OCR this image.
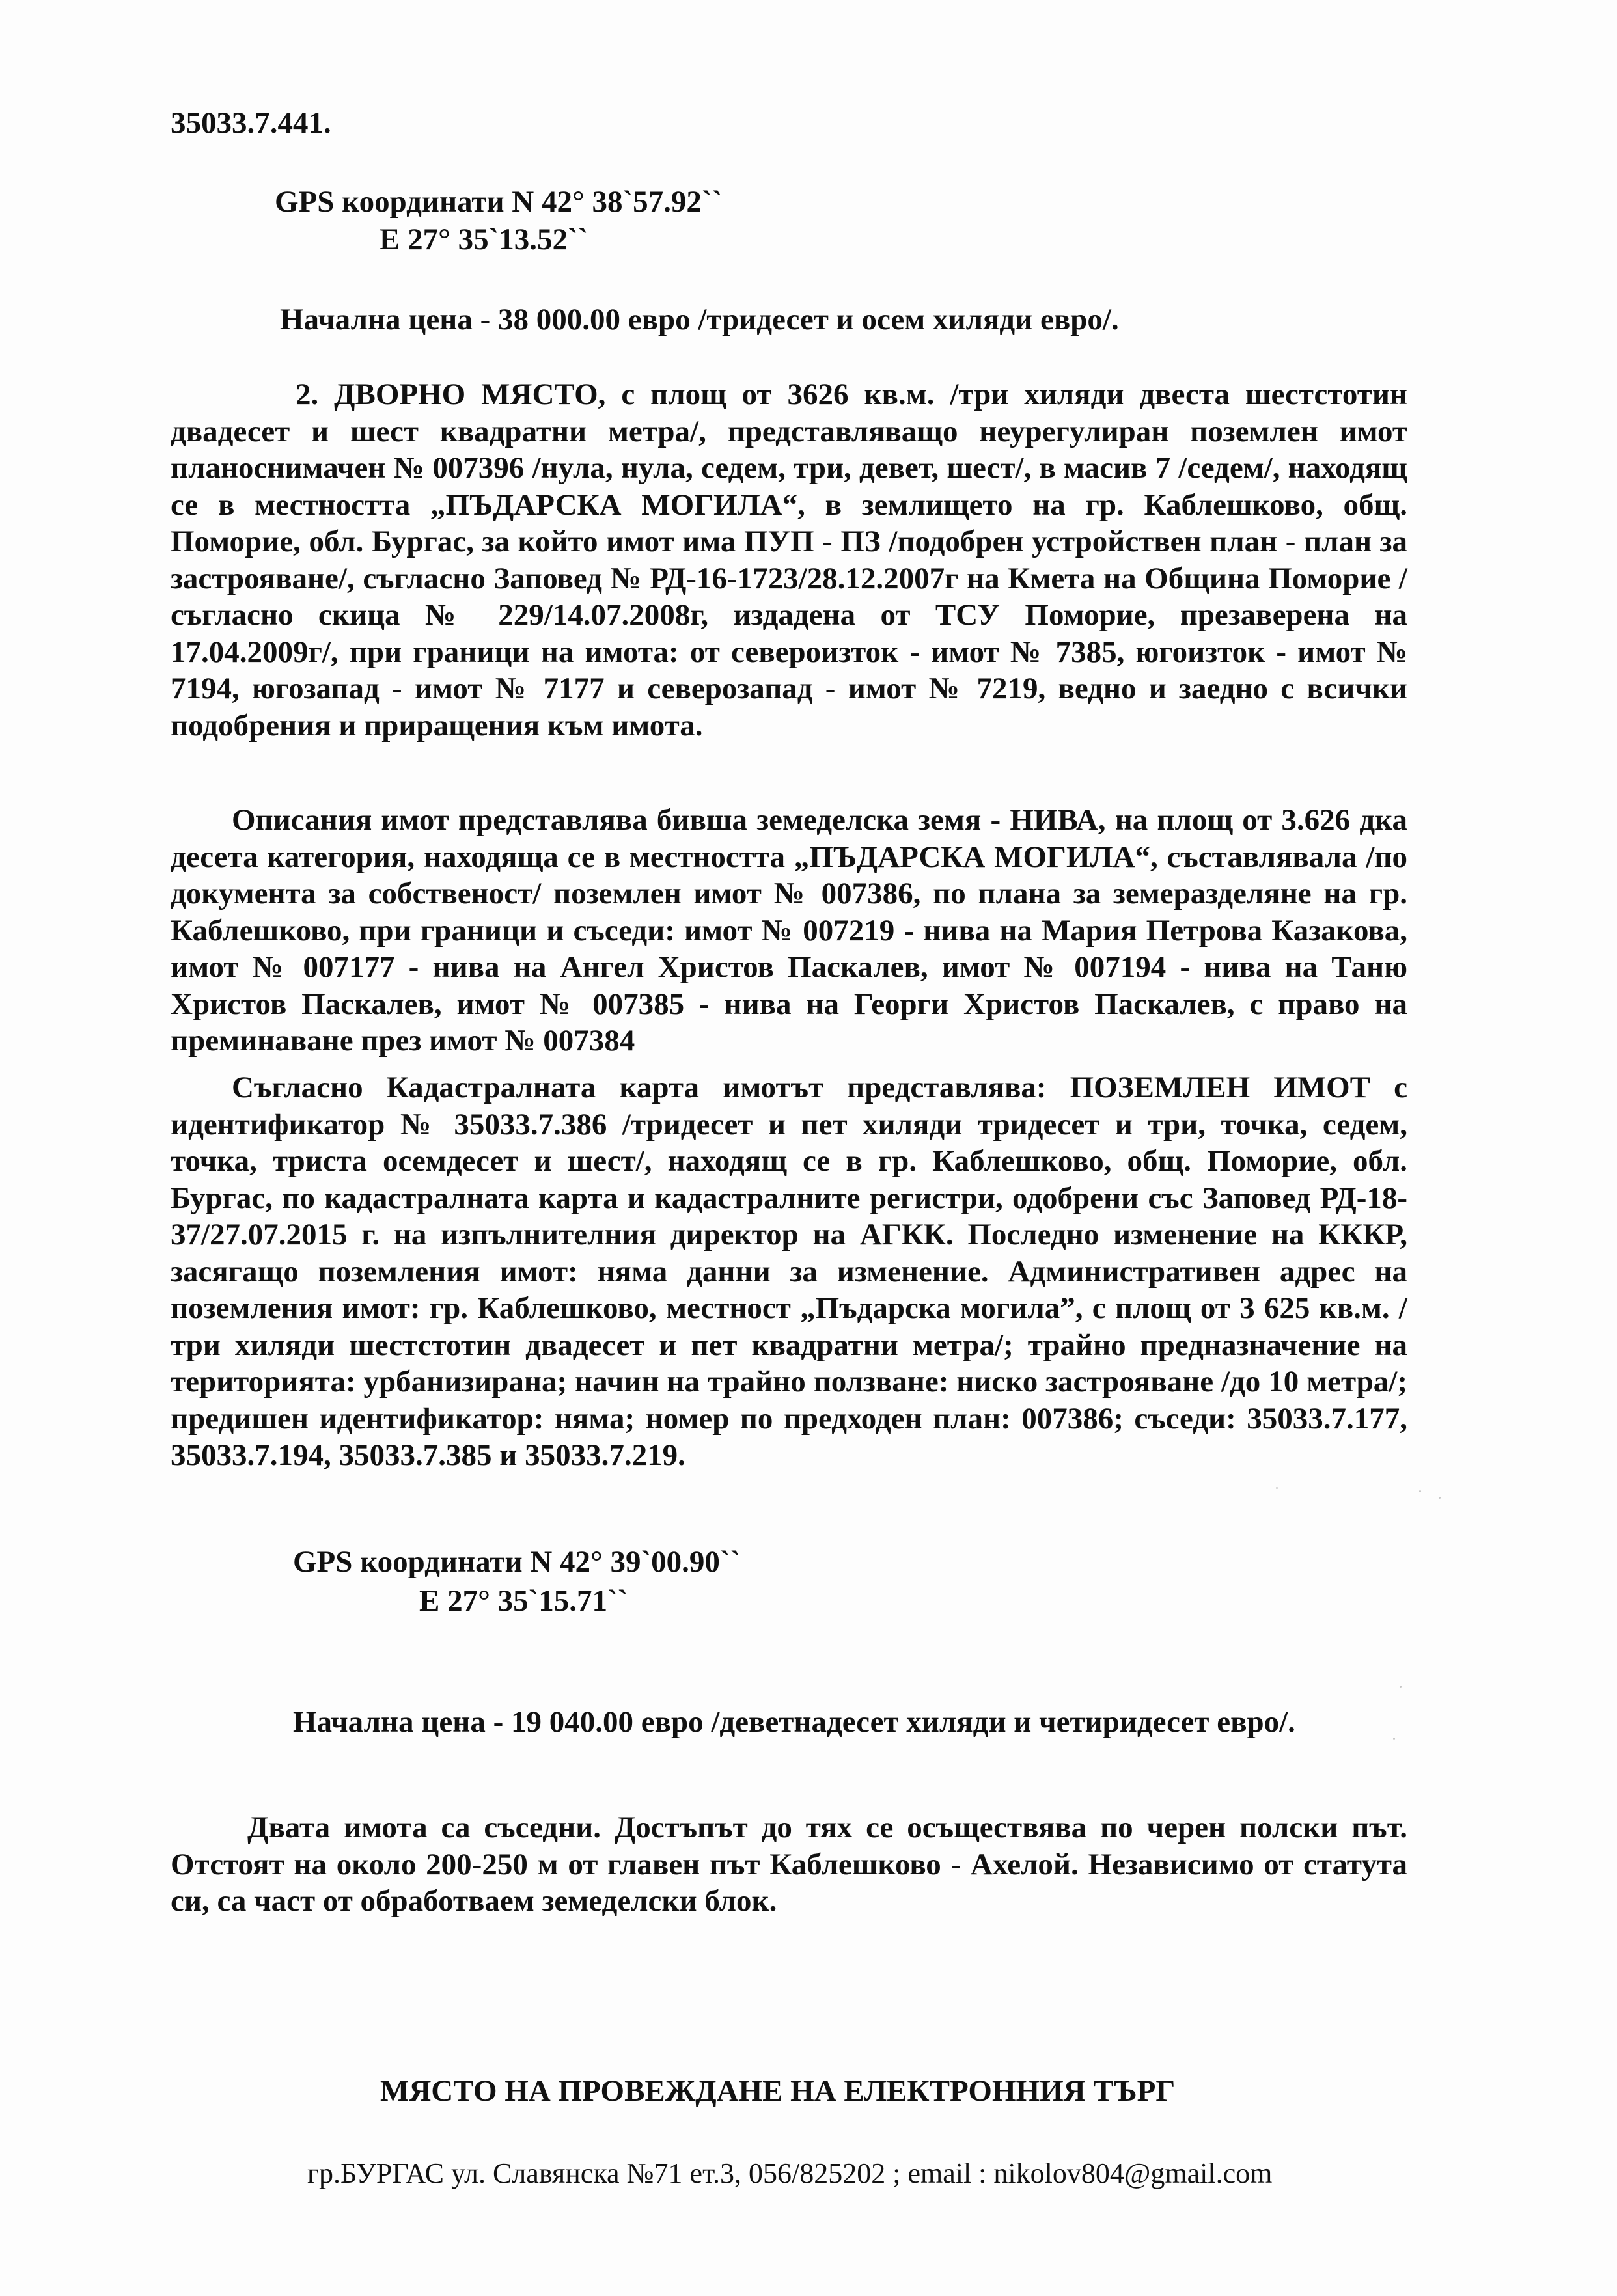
35033.7.441.
GPS координати N 42° 38`57.92``
E 27° 35`13.52``
Начална цена - 38 000.00 евро /тридесет и осем хиляди евро/.
2. ДВОРНО МЯСТО, с площ от 3626 кв.м. /три хиляди двеста шестстотин двадесет и шест квадратни метра/, представляващо неурегулиран поземлен имот планоснимачен № 007396 /нула, нула, седем, три, девет, шест/, в масив 7 /седем/, находящ се в местността „ПЪДАРСКА МОГИЛА“, в землището на гр. Каблешково, общ. Поморие, обл. Бургас, за който имот има ПУП - ПЗ /подобрен устройствен план - план за застрояване/, съгласно Заповед № РД-16-1723/28.12.2007г на Кмета на Община Поморие /съгласно скица № 229/14.07.2008г, издадена от ТСУ Поморие, презаверена на 17.04.2009г/, при граници на имота: от североизток - имот № 7385, югоизток - имот № 7194, югозапад - имот № 7177 и северозапад - имот № 7219, ведно и заедно с всички подобрения и приращения към имота.
Описания имот представлява бивша земеделска земя - НИВА, на площ от 3.626 дка десета категория, находяща се в местността „ПЪДАРСКА МОГИЛА“, съставлявала /по документа за собственост/ поземлен имот № 007386, по плана за земеразделяне на гр. Каблешково, при граници и съседи: имот № 007219 - нива на Мария Петрова Казакова, имот № 007177 - нива на Ангел Христов Паскалев, имот № 007194 - нива на Таню Христов Паскалев, имот № 007385 - нива на Георги Христов Паскалев, с право на преминаване през имот № 007384
Съгласно Кадастралната карта имотът представлява: ПОЗЕМЛЕН ИМОТ с идентификатор № 35033.7.386 /тридесет и пет хиляди тридесет и три, точка, седем, точка, триста осемдесет и шест/, находящ се в гр. Каблешково, общ. Поморие, обл. Бургас, по кадастралната карта и кадастралните регистри, одобрени със Заповед РД-18-37/27.07.2015 г. на изпълнителния директор на АГКК. Последно изменение на КККР, засягащо поземления имот: няма данни за изменение. Административен адрес на поземления имот: гр. Каблешково, местност „Пъдарска могила”, с площ от 3 625 кв.м. /три хиляди шестстотин двадесет и пет квадратни метра/; трайно предназначение на територията: урбанизирана; начин на трайно ползване: ниско застрояване /до 10 метра/; предишен идентификатор: няма; номер по предходен план: 007386; съседи: 35033.7.177, 35033.7.194, 35033.7.385 и 35033.7.219.
GPS координати N 42° 39`00.90``
E 27° 35`15.71``
Начална цена - 19 040.00 евро /деветнадесет хиляди и четиридесет евро/.
Двата имота са съседни. Достъпът до тях се осъществява по черен полски път. Отстоят на около 200-250 м от главен път Каблешково - Ахелой. Независимо от статута си, са част от обработваем земеделски блок.
МЯСТО НА ПРОВЕЖДАНЕ НА ЕЛЕКТРОННИЯ ТЪРГ
гр.БУРГАС ул. Славянска №71 ет.3, 056/825202 ; email : nikolov804@gmail.com
